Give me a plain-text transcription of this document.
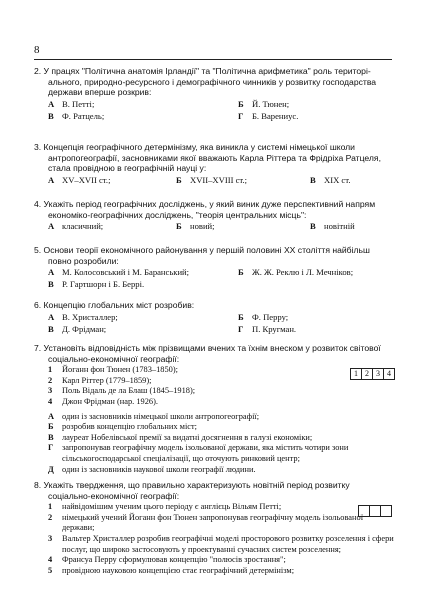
8

2. У працях "Політична анатомія Ірландії" та "Політична арифметика" роль територі-ального, природно-ресурсного і демографічного чинників у розвитку господарства держави вперше розкрив:

А В. Петті;	Б Й. Тюнен;
В Ф. Ратцель;	Г Б. Варениус.

3. Концепція географічного детермінізму, яка виникла у системі німецької школи антропогеографії, засновниками якої вважають Карла Ріттера та Фрідріха Ратцеля, стала провідною в географічній науці у:

А XV–XVII ст.;	Б XVII–XVIII ст.;	В XIX ст.

4. Укажіть період географічних досліджень, у який виник дуже перспективний напрям економіко-географічних досліджень, "теорія центральних місць":

А класичний;	Б новий;	В новітній

5. Основи теорії економічного районування у першій половині XX століття найбільш повно розробили:

А М. Колосовський і М. Баранський;	Б Ж. Ж. Реклю і Л. Мечніков;
В Р. Гартшорн і Б. Беррі.

6. Концепцію глобальних міст розробив:

А В. Христаллер;	Б Ф. Перру;
В Д. Фрідман;	Г П. Кругман.

7. Установіть відповідність між прізвищами вчених та їхнім внеском у розвиток світової соціально-економічної географії:

1	Йоганн фон Тюнен (1783–1850);
2	Карл Ріттер (1779–1859);
3	Поль Відаль де ла Блаш (1845–1918);
4	Джон Фрідман (нар. 1926).
А один із засновників німецької школи антропогеографії;
Б	розробив концепцію глобальних міст;
В	лауреат Нобелівської премії за видатні досягнення в галузі економіки;
Г	запропонував географічну модель ізольованої держави, яка містить чотири зони сільськогосподарської спеціалізації, що оточують ринковий центр;
Д один із засновників наукової школи географії людини.
1	2	3	4

8. Укажіть твердження, що правильно характеризують новітній період розвитку соціально-економічної географії:

1	найвідомішим ученим цього періоду є англієць Вільям Петті;
2	німецький учений Йоганн фон Тюнен запропонував географічну модель ізольованої держави;
3	Вальтер Христаллер розробив географічні моделі просторового розвитку розселення і сфери послуг, що широко застосовують у проектуванні сучасних систем розселення;
4	Франсуа Перру сформулював концепцію "полюсів зростання";
5	провідною науковою концепцією стає географічний детермінізм;
